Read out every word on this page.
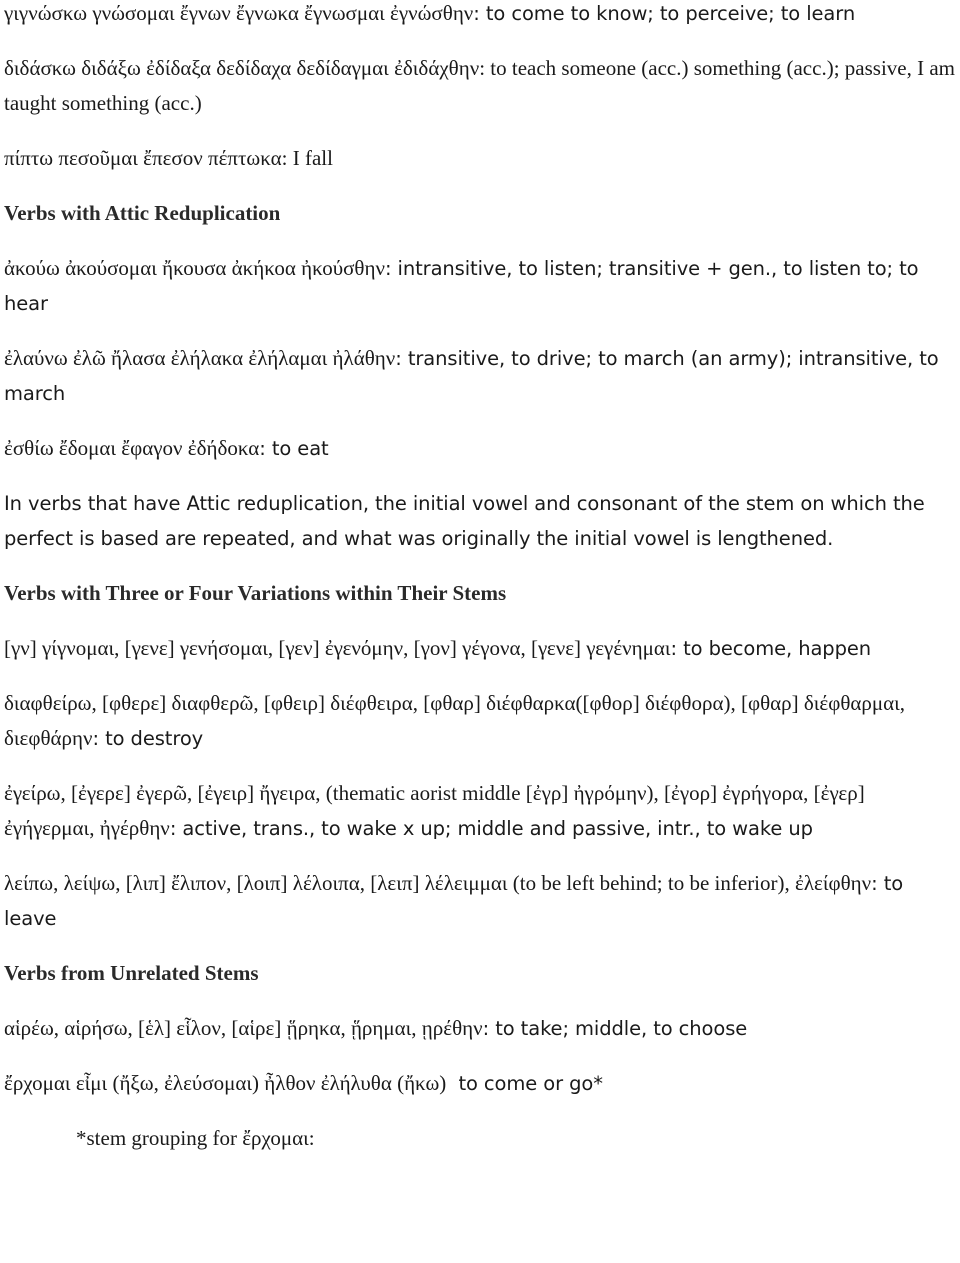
γιγνώσκω γνώσομαι ἔγνων ἔγνωκα ἔγνωσμαι ἐγνώσθην: to come to know; to perceive; to learn

διδάσκω διδάξω ἐδίδαξα δεδίδαχα δεδίδαγμαι ἐδιδάχθην: to teach someone (acc.) something (acc.); passive, I am taught something (acc.)

πίπτω πεσοῦμαι ἔπεσον πέπτωκα: I fall

Verbs with Attic Reduplication

ἀκούω ἀκούσομαι ἤκουσα ἀκήκοα ἠκούσθην: intransitive, to listen; transitive + gen., to listen to; to hear

ἐλαύνω ἐλῶ ἤλασα ἐλήλακα ἐλήλαμαι ἠλάθην: transitive, to drive; to march (an army); intransitive, to march

ἐσθίω ἔδομαι ἔφαγον ἐδήδοκα: to eat

In verbs that have Attic reduplication, the initial vowel and consonant of the stem on which the perfect is based are repeated, and what was originally the initial vowel is lengthened.

Verbs with Three or Four Variations within Their Stems

[γν] γίγνομαι, [γενε] γενήσομαι, [γεν] ἐγενόμην, [γον] γέγονα, [γενε] γεγένημαι: to become, happen

διαφθείρω, [φθερε] διαφθερῶ, [φθειρ] διέφθειρα, [φθαρ] διέφθαρκα([φθορ] διέφθορα), [φθαρ] διέφθαρμαι, διεφθάρην: to destroy

ἐγείρω, [ἐγερε] ἐγερῶ, [ἐγειρ] ἤγειρα, (thematic aorist middle [ἐγρ] ἠγρόμην), [ἐγορ] ἐγρήγορα, [ἐγερ] ἐγήγερμαι, ἠγέρθην: active, trans., to wake x up; middle and passive, intr., to wake up

λείπω, λείψω, [λιπ] ἔλιπον, [λοιπ] λέλοιπα, [λειπ] λέλειμμαι (to be left behind; to be inferior), ἐλείφθην: to leave

Verbs from Unrelated Stems

αἱρέω, αἱρήσω, [ἑλ] εἷλον, [αἱρε] ᾕρηκα, ᾕρημαι, ῃρέθην: to take; middle, to choose

ἔρχομαι εἶμι (ἤξω, ἐλεύσομαι) ἦλθον ἐλήλυθα (ἤκω)  to come or go*

*stem grouping for ἔρχομαι:
